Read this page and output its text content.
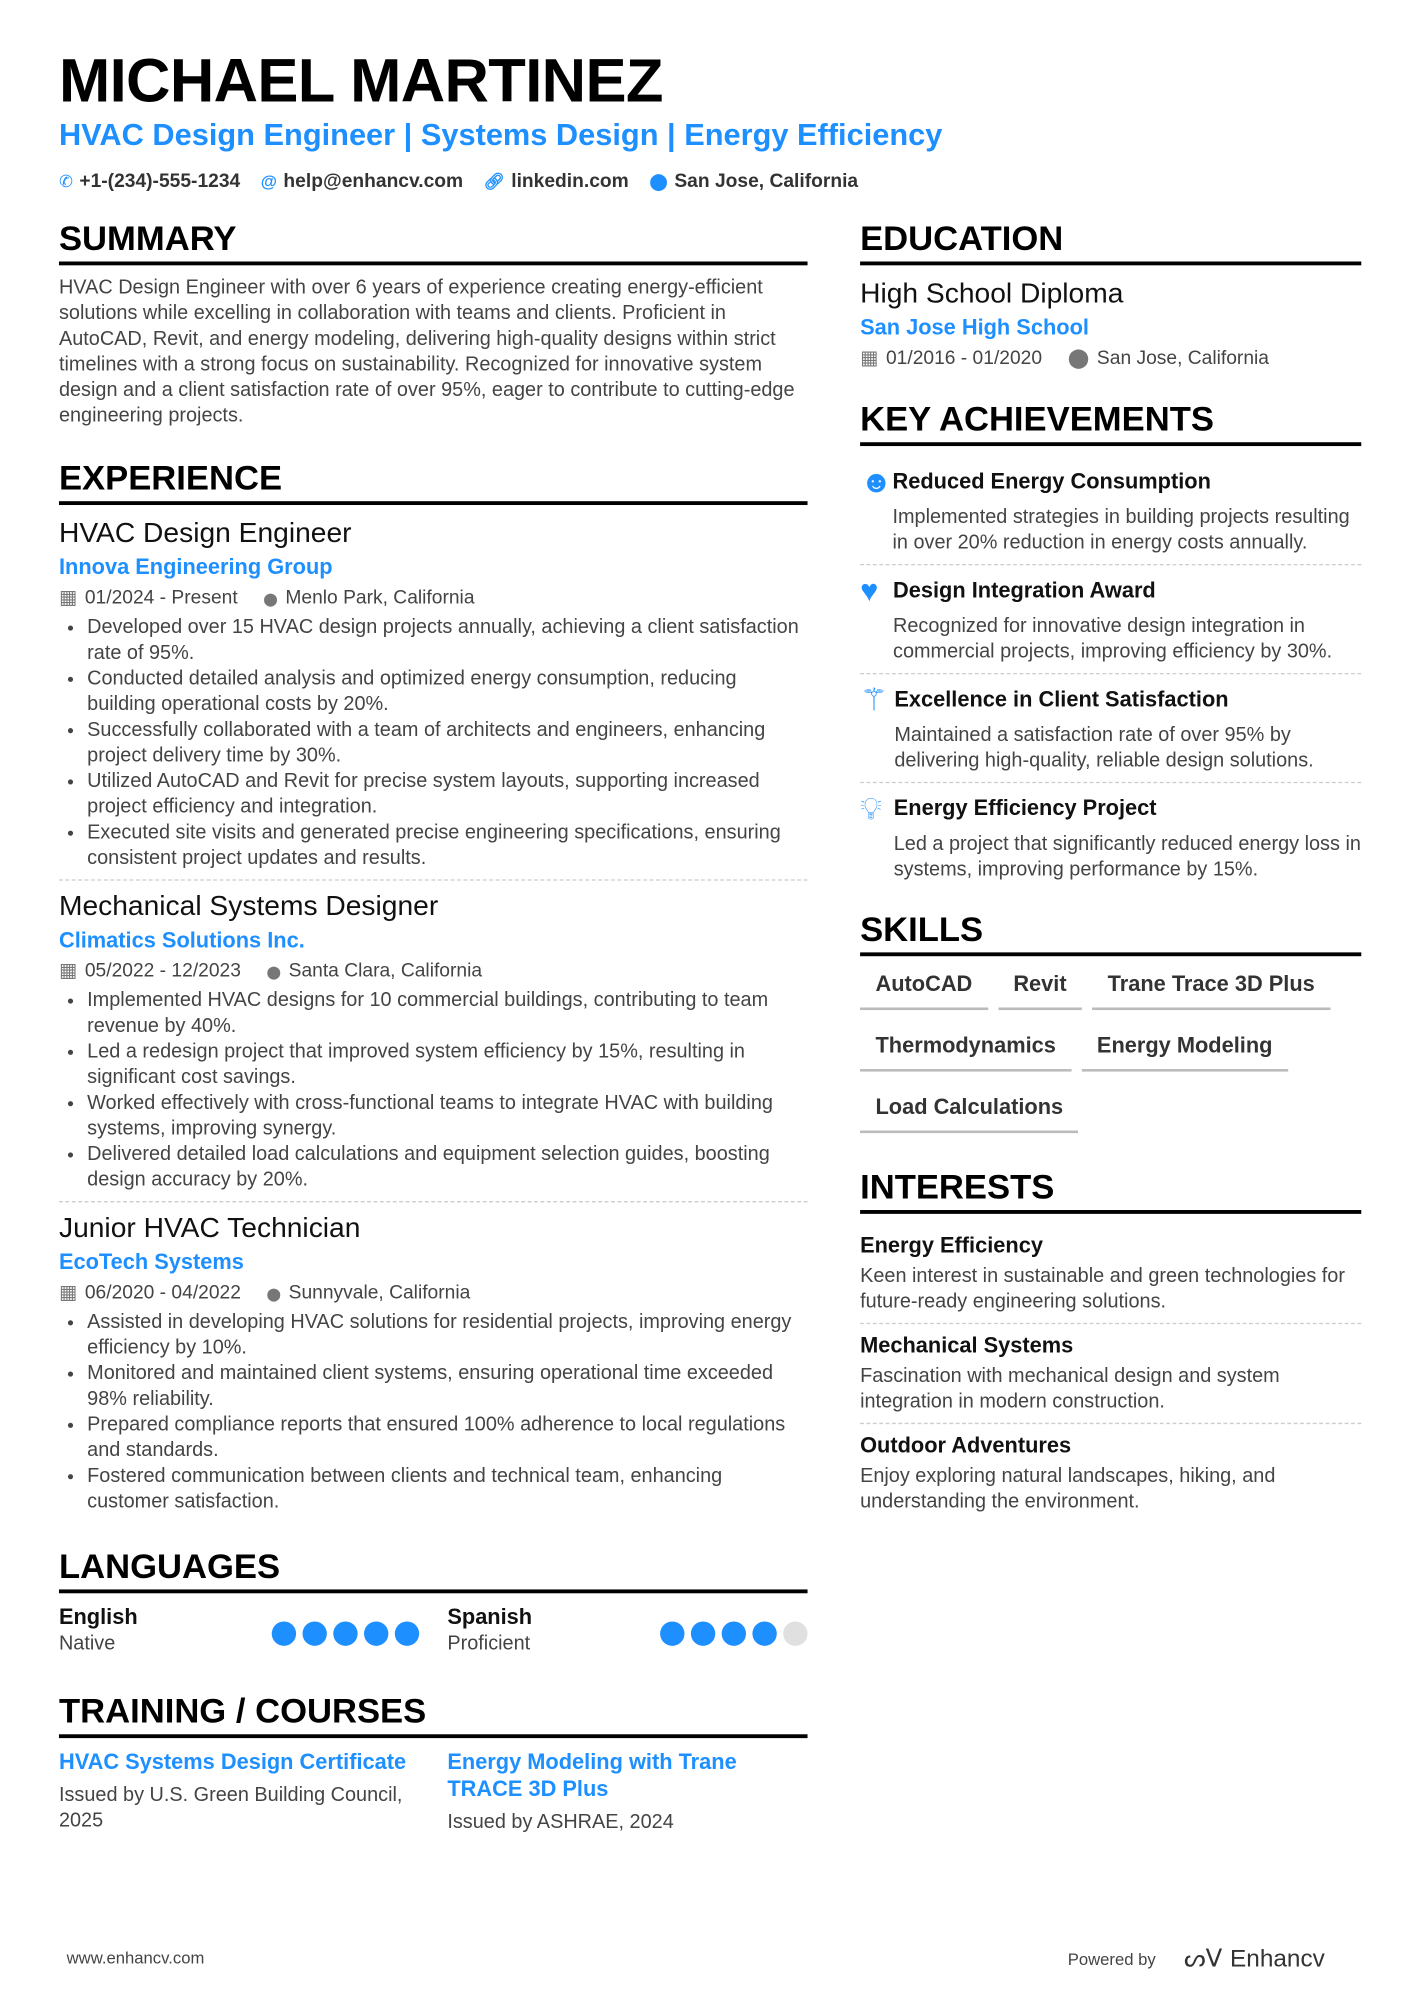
MICHAEL MARTINEZ
HVAC Design Engineer | Systems Design | Energy Efficiency
✆ +1-(234)-555-1234 @ help@enhancv.com 🔗︎ linkedin.com ⬤ San Jose, California
SUMMARY

HVAC Design Engineer with over 6 years of experience creating energy-efficient solutions while excelling in collaboration with teams and clients. Proficient in AutoCAD, Revit, and energy modeling, delivering high-quality designs within strict timelines with a strong focus on sustainability. Recognized for innovative system design and a client satisfaction rate of over 95%, eager to contribute to cutting-edge engineering projects.

EXPERIENCE
HVAC Design Engineer
Innova Engineering Group
▦ 01/2024 - Present	⬤ Menlo Park, California
• Developed over 15 HVAC design projects annually, achieving a client satisfaction rate of 95%.
• Conducted detailed analysis and optimized energy consumption, reducing building operational costs by 20%.
• Successfully collaborated with a team of architects and engineers, enhancing project delivery time by 30%.
• Utilized AutoCAD and Revit for precise system layouts, supporting increased project efficiency and integration.
• Executed site visits and generated precise engineering specifications, ensuring consistent project updates and results.
Mechanical Systems Designer
Climatics Solutions Inc.
▦ 05/2022 - 12/2023	⬤ Santa Clara, California
• Implemented HVAC designs for 10 commercial buildings, contributing to team revenue by 40%.
• Led a redesign project that improved system efficiency by 15%, resulting in significant cost savings.
• Worked effectively with cross-functional teams to integrate HVAC with building systems, improving synergy.
• Delivered detailed load calculations and equipment selection guides, boosting design accuracy by 20%.
Junior HVAC Technician
EcoTech Systems
▦ 06/2020 - 04/2022	⬤ Sunnyvale, California
• Assisted in developing HVAC solutions for residential projects, improving energy efficiency by 10%.
• Monitored and maintained client systems, ensuring operational time exceeded 98% reliability.
• Prepared compliance reports that ensured 100% adherence to local regulations and standards.
• Fostered communication between clients and technical team, enhancing customer satisfaction.
LANGUAGES
English
Native
Spanish
Proficient
TRAINING / COURSES
HVAC Systems Design Certificate
Issued by U.S. Green Building Council, 2025
Energy Modeling with Trane TRACE 3D Plus
Issued by ASHRAE, 2024
EDUCATION
High School Diploma
San Jose High School
▦ 01/2016 - 01/2020 ⬤ San Jose, California
KEY ACHIEVEMENTS
☻ Reduced Energy Consumption
Implemented strategies in building projects resulting in over 20% reduction in energy costs annually.
♥ Design Integration Award
Recognized for innovative design integration in commercial projects, improving efficiency by 30%.
⚚ Excellence in Client Satisfaction
Maintained a satisfaction rate of over 95% by delivering high-quality, reliable design solutions.
💡︎ Energy Efficiency Project
Led a project that significantly reduced energy loss in systems, improving performance by 15%.
SKILLS
AutoCAD	Revit	Trane Trace 3D Plus
Thermodynamics	Energy Modeling
Load Calculations
INTERESTS
Energy Efficiency
Keen interest in sustainable and green technologies for future-ready engineering solutions.
Mechanical Systems
Fascination with mechanical design and system integration in modern construction.
Outdoor Adventures
Enjoy exploring natural landscapes, hiking, and understanding the environment.
www.enhancv.com	Powered by ᔕᐯ Enhancv
